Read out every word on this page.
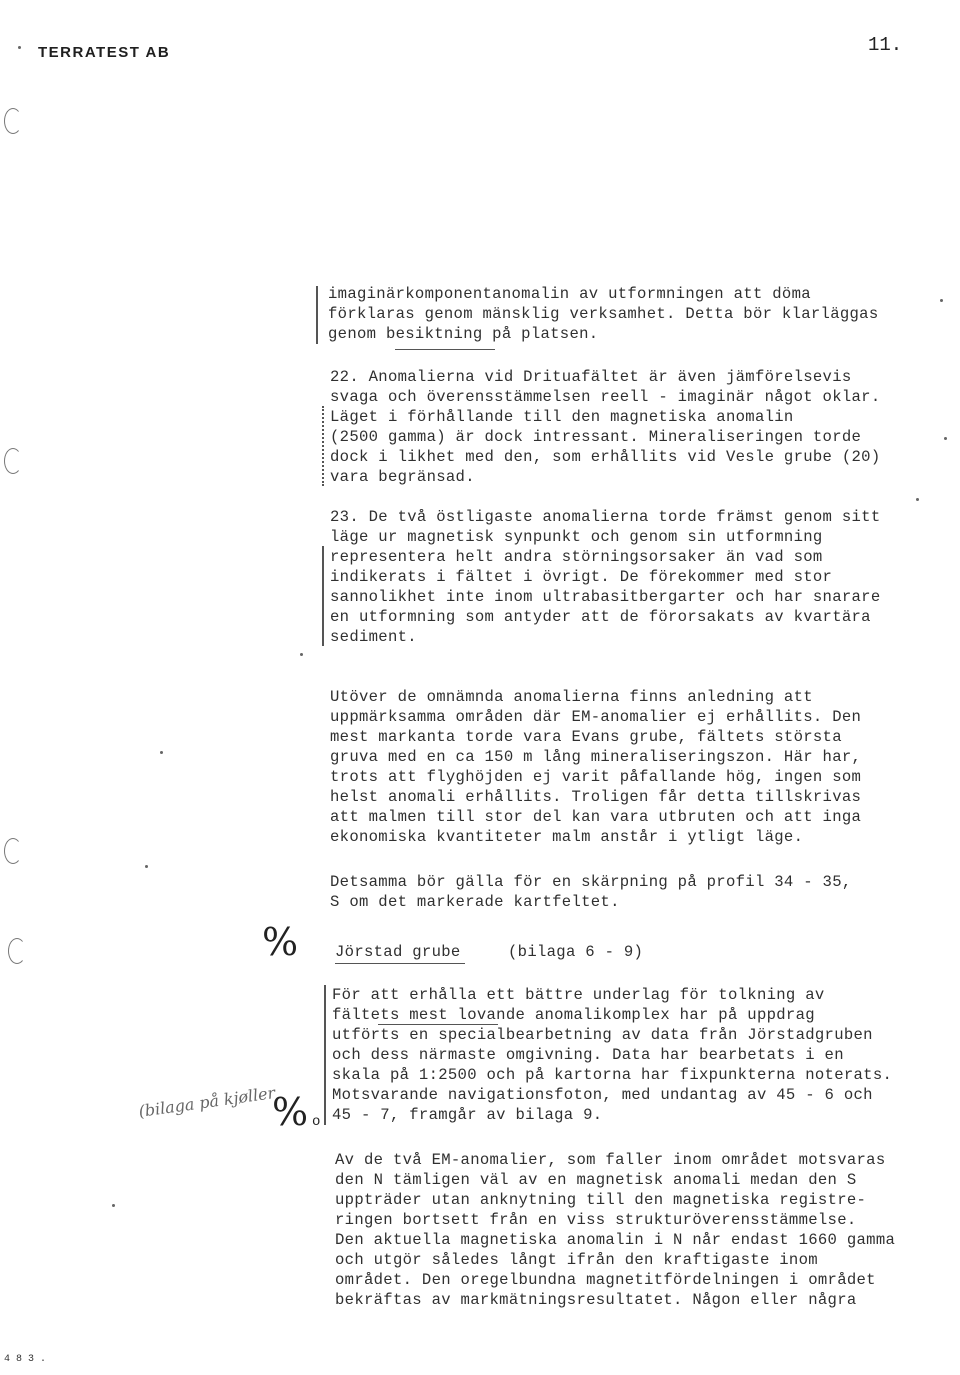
TERRATEST AB	11.
imaginärkomponentanomalin av utformningen att döma
förklaras genom mänsklig verksamhet. Detta bör klarläggas
genom besiktning på platsen.
22. Anomalierna vid Drituafältet är även jämförelsevis
svaga och överensstämmelsen reell - imaginär något oklar.
Läget i förhållande till den magnetiska anomalin
(2500 gamma) är dock intressant. Mineraliseringen torde
dock i likhet med den, som erhållits vid Vesle grube (20)
vara begränsad.
23. De två östligaste anomalierna torde främst genom sitt
läge ur magnetisk synpunkt och genom sin utformning
representera helt andra störningsorsaker än vad som
indikerats i fältet i övrigt. De förekommer med stor
sannolikhet inte inom ultrabasitbergarter och har snarare
en utformning som antyder att de förorsakats av kvartära
sediment.
Utöver de omnämnda anomalierna finns anledning att
uppmärksamma områden där EM-anomalier ej erhållits. Den
mest markanta torde vara Evans grube, fältets största
gruva med en ca 150 m lång mineraliseringszon. Här har,
trots att flyghöjden ej varit påfallande hög, ingen som
helst anomali erhållits. Troligen får detta tillskrivas
att malmen till stor del kan vara utbruten och att inga
ekonomiska kvantiteter malm anstår i ytligt läge.
Detsamma bör gälla för en skärpning på profil 34 - 35,
S om det markerade kartfeltet.
% Jörstad grube	(bilaga 6 - 9)
För att erhålla ett bättre underlag för tolkning av
fältets mest lovande anomalikomplex har på uppdrag
utförts en specialbearbetning av data från Jörstadgruben
och dess närmaste omgivning. Data har bearbetats i en
skala på 1:2500 och på kartorna har fixpunkterna noterats.
Motsvarande navigationsfoton, med undantag av 45 - 6 och
45 - 7, framgår av bilaga 9.
(bilaga på kjøller
% o
Av de två EM-anomalier, som faller inom området motsvaras
den N tämligen väl av en magnetisk anomali medan den S
uppträder utan anknytning till den magnetiska registre-
ringen bortsett från en viss strukturöverensstämmelse.
Den aktuella magnetiska anomalin i N når endast 1660 gamma
och utgör således långt ifrån den kraftigaste inom
området. Den oregelbundna magnetitfördelningen i området
bekräftas av markmätningsresultatet. Någon eller några
4 8 3 .
